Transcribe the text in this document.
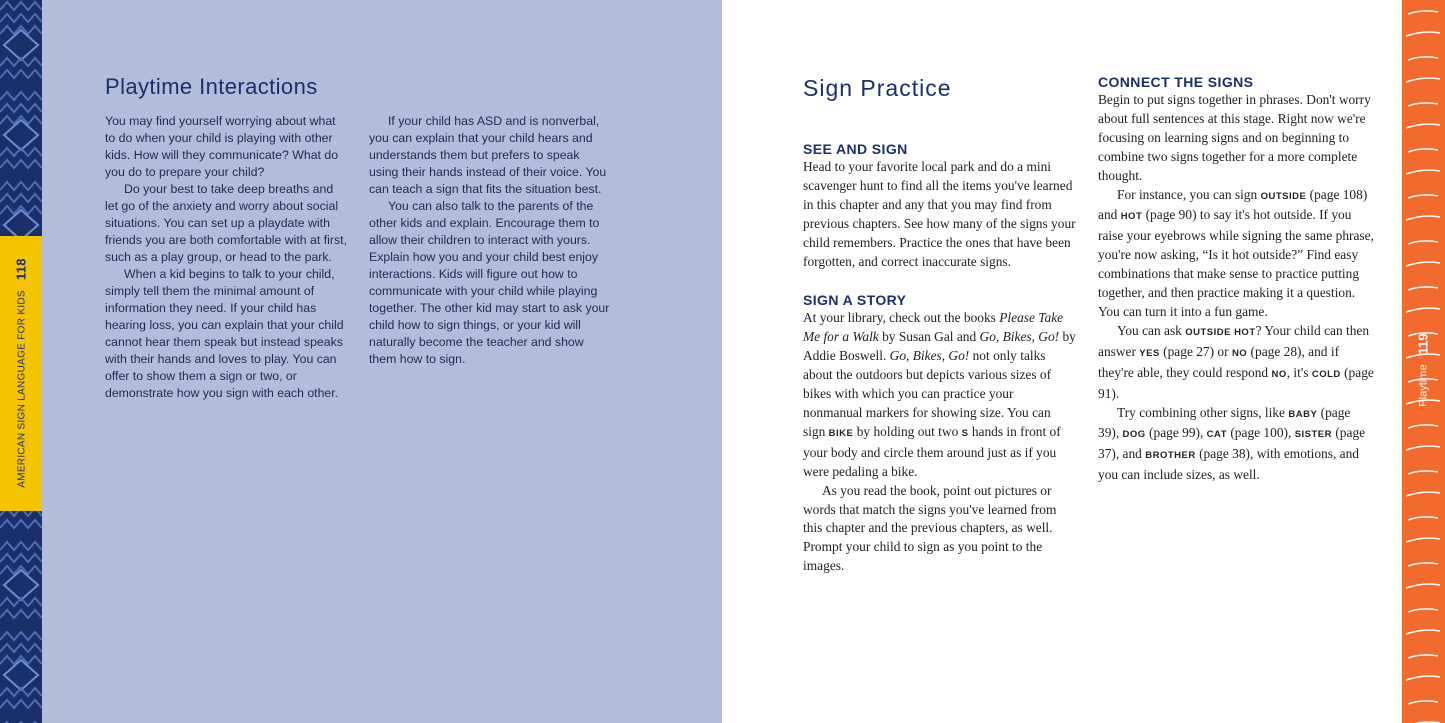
AMERICAN SIGN LANGUAGE FOR KIDS118
Playtime119
Playtime Interactions

You may find yourself worrying about what to do when your child is playing with other kids. How will they communicate? What do you do to prepare your child?

Do your best to take deep breaths and let go of the anxiety and worry about social situations. You can set up a playdate with friends you are both comfortable with at first, such as a play group, or head to the park.

When a kid begins to talk to your child, simply tell them the minimal amount of information they need. If your child has hearing loss, you can explain that your child cannot hear them speak but instead speaks with their hands and loves to play. You can offer to show them a sign or two, or demonstrate how you sign with each other.

If your child has ASD and is nonverbal, you can explain that your child hears and understands them but prefers to speak using their hands instead of their voice. You can teach a sign that fits the situation best.

You can also talk to the parents of the other kids and explain. Encourage them to allow their children to interact with yours. Explain how you and your child best enjoy interactions. Kids will figure out how to communicate with your child while playing together. The other kid may start to ask your child how to sign things, or your kid will naturally become the teacher and show them how to sign.

Sign Practice
SEE AND SIGN

Head to your favorite local park and do a mini scavenger hunt to find all the items you've learned in this chapter and any that you may find from previous chapters. See how many of the signs your child remembers. Practice the ones that have been forgotten, and correct inaccurate signs.

SIGN A STORY

At your library, check out the books Please Take Me for a Walk by Susan Gal and Go, Bikes, Go! by Addie Boswell. Go, Bikes, Go! not only talks about the outdoors but depicts various sizes of bikes with which you can practice your nonmanual markers for showing size. You can sign BIKE by holding out two S hands in front of your body and circle them around just as if you were pedaling a bike.

As you read the book, point out pictures or words that match the signs you've learned from this chapter and the previous chapters, as well. Prompt your child to sign as you point to the images.

CONNECT THE SIGNS

Begin to put signs together in phrases. Don't worry about full sentences at this stage. Right now we're focusing on learning signs and on beginning to combine two signs together for a more complete thought.

For instance, you can sign OUTSIDE (page 108) and HOT (page 90) to say it's hot outside. If you raise your eyebrows while signing the same phrase, you're now asking, “Is it hot outside?” Find easy combinations that make sense to practice putting together, and then practice making it a question. You can turn it into a fun game.

You can ask OUTSIDE HOT? Your child can then answer YES (page 27) or NO (page 28), and if they're able, they could respond NO, it's COLD (page 91).

Try combining other signs, like BABY (page 39), DOG (page 99), CAT (page 100), SISTER (page 37), and BROTHER (page 38), with emotions, and you can include sizes, as well.
